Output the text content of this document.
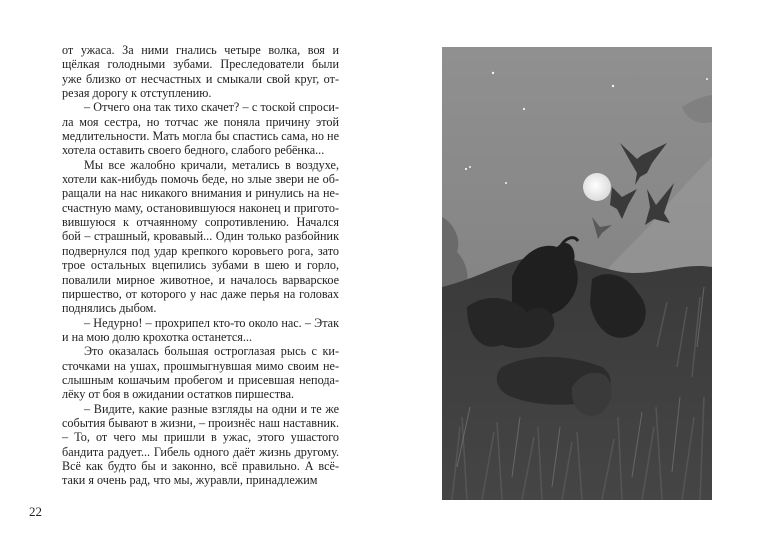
от ужаса. За ними гнались четыре волка, воя и щёлкая голодными зубами. Преследователи были уже близко от несчастных и смыкали свой круг, отрезая дорогу к отступлению.

– Отчего она так тихо скачет? – с тоской спросила моя сестра, но тотчас же поняла причину этой медлительности. Мать могла бы спастись сама, но не хотела оставить своего бедного, слабого ребёнка...

Мы все жалобно кричали, метались в воздухе, хотели как-нибудь помочь беде, но злые звери не обращали на нас никакого внимания и ринулись на несчастную маму, остановившуюся наконец и приготовившуюся к отчаянному сопротивлению. Начался бой – страшный, кровавый... Один только разбойник подвернулся под удар крепкого коровьего рога, зато трое остальных вцепились зубами в шею и горло, повалили мирное животное, и началось варварское пиршество, от которого у нас даже перья на головах поднялись дыбом.

– Недурно! – прохрипел кто-то около нас. – Этак и на мою долю крохотка останется...

Это оказалась большая остроглазая рысь с кисточками на ушах, прошмыгнувшая мимо своим неслышным кошачьим пробегом и присевшая неподалёку от боя в ожидании остатков пиршества.

– Видите, какие разные взгляды на одни и те же события бывают в жизни, – произнёс наш наставник. – То, от чего мы пришли в ужас, этого ушастого бандита радует... Гибель одного даёт жизнь другому. Всё как будто бы и законно, всё правильно. А всётаки я очень рад, что мы, журавли, принадлежим

22
